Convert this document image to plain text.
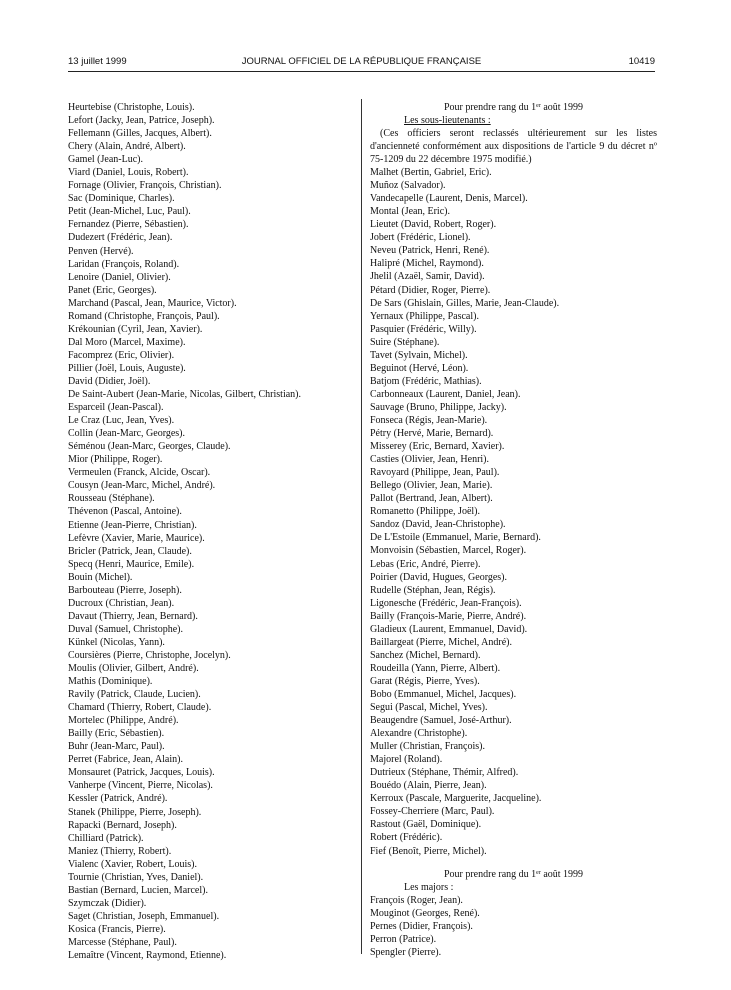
13 juillet 1999	JOURNAL OFFICIEL DE LA RÉPUBLIQUE FRANÇAISE	10419
Heurtebise (Christophe, Louis).
Lefort (Jacky, Jean, Patrice, Joseph).
Fellemann (Gilles, Jacques, Albert).
Chery (Alain, André, Albert).
Gamel (Jean-Luc).
Viard (Daniel, Louis, Robert).
Fornage (Olivier, François, Christian).
Sac (Dominique, Charles).
Petit (Jean-Michel, Luc, Paul).
Fernandez (Pierre, Sébastien).
Dudezert (Frédéric, Jean).
Penven (Hervé).
Laridan (François, Roland).
Lenoire (Daniel, Olivier).
Panet (Eric, Georges).
Marchand (Pascal, Jean, Maurice, Victor).
Romand (Christophe, François, Paul).
Krékounian (Cyril, Jean, Xavier).
Dal Moro (Marcel, Maxime).
Facomprez (Eric, Olivier).
Pillier (Joël, Louis, Auguste).
David (Didier, Joël).
De Saint-Aubert (Jean-Marie, Nicolas, Gilbert, Christian).
Esparceil (Jean-Pascal).
Le Craz (Luc, Jean, Yves).
Collin (Jean-Marc, Georges).
Séménou (Jean-Marc, Georges, Claude).
Mior (Philippe, Roger).
Vermeulen (Franck, Alcide, Oscar).
Cousyn (Jean-Marc, Michel, André).
Rousseau (Stéphane).
Thévenon (Pascal, Antoine).
Etienne (Jean-Pierre, Christian).
Lefèvre (Xavier, Marie, Maurice).
Bricler (Patrick, Jean, Claude).
Specq (Henri, Maurice, Emile).
Bouin (Michel).
Barbouteau (Pierre, Joseph).
Ducroux (Christian, Jean).
Davaut (Thierry, Jean, Bernard).
Duval (Samuel, Christophe).
Künkel (Nicolas, Yann).
Coursières (Pierre, Christophe, Jocelyn).
Moulis (Olivier, Gilbert, André).
Mathis (Dominique).
Ravily (Patrick, Claude, Lucien).
Chamard (Thierry, Robert, Claude).
Mortelec (Philippe, André).
Bailly (Eric, Sébastien).
Buhr (Jean-Marc, Paul).
Perret (Fabrice, Jean, Alain).
Monsauret (Patrick, Jacques, Louis).
Vanherpe (Vincent, Pierre, Nicolas).
Kessler (Patrick, André).
Stanek (Philippe, Pierre, Joseph).
Rapacki (Bernard, Joseph).
Chilliard (Patrick).
Maniez (Thierry, Robert).
Vialenc (Xavier, Robert, Louis).
Tournie (Christian, Yves, Daniel).
Bastian (Bernard, Lucien, Marcel).
Szymczak (Didier).
Saget (Christian, Joseph, Emmanuel).
Kosica (Francis, Pierre).
Marcesse (Stéphane, Paul).
Lemaître (Vincent, Raymond, Etienne).
Pour prendre rang du 1er août 1999
Les sous-lieutenants :
(Ces officiers seront reclassés ultérieurement sur les listes d'ancienneté conformément aux dispositions de l'article 9 du décret nº 75-1209 du 22 décembre 1975 modifié.)
Malhet (Bertin, Gabriel, Eric).
Muñoz (Salvador).
Vandecapelle (Laurent, Denis, Marcel).
Montal (Jean, Eric).
Lieutet (David, Robert, Roger).
Jobert (Frédéric, Lionel).
Neveu (Patrick, Henri, René).
Halipré (Michel, Raymond).
Jhelil (Azaël, Samir, David).
Pétard (Didier, Roger, Pierre).
De Sars (Ghislain, Gilles, Marie, Jean-Claude).
Yernaux (Philippe, Pascal).
Pasquier (Frédéric, Willy).
Suire (Stéphane).
Tavet (Sylvain, Michel).
Beguinot (Hervé, Léon).
Batjom (Frédéric, Mathias).
Carbonneaux (Laurent, Daniel, Jean).
Sauvage (Bruno, Philippe, Jacky).
Fonseca (Régis, Jean-Marie).
Pétry (Hervé, Marie, Bernard).
Misserey (Eric, Bernard, Xavier).
Casties (Olivier, Jean, Henri).
Ravoyard (Philippe, Jean, Paul).
Bellego (Olivier, Jean, Marie).
Pallot (Bertrand, Jean, Albert).
Romanetto (Philippe, Joël).
Sandoz (David, Jean-Christophe).
De L'Estoile (Emmanuel, Marie, Bernard).
Monvoisin (Sébastien, Marcel, Roger).
Lebas (Eric, André, Pierre).
Poirier (David, Hugues, Georges).
Rudelle (Stéphan, Jean, Régis).
Ligonesche (Frédéric, Jean-François).
Bailly (François-Marie, Pierre, André).
Gladieux (Laurent, Emmanuel, David).
Baillargeat (Pierre, Michel, André).
Sanchez (Michel, Bernard).
Roudeilla (Yann, Pierre, Albert).
Garat (Régis, Pierre, Yves).
Bobo (Emmanuel, Michel, Jacques).
Segui (Pascal, Michel, Yves).
Beaugendre (Samuel, José-Arthur).
Alexandre (Christophe).
Muller (Christian, François).
Majorel (Roland).
Dutrieux (Stéphane, Thémir, Alfred).
Bouédo (Alain, Pierre, Jean).
Kerroux (Pascale, Marguerite, Jacqueline).
Fossey-Cherriere (Marc, Paul).
Rastout (Gaël, Dominique).
Robert (Frédéric).
Fief (Benoît, Pierre, Michel).
Pour prendre rang du 1er août 1999
Les majors :
François (Roger, Jean).
Mouginot (Georges, René).
Pernes (Didier, François).
Perron (Patrice).
Spengler (Pierre).
